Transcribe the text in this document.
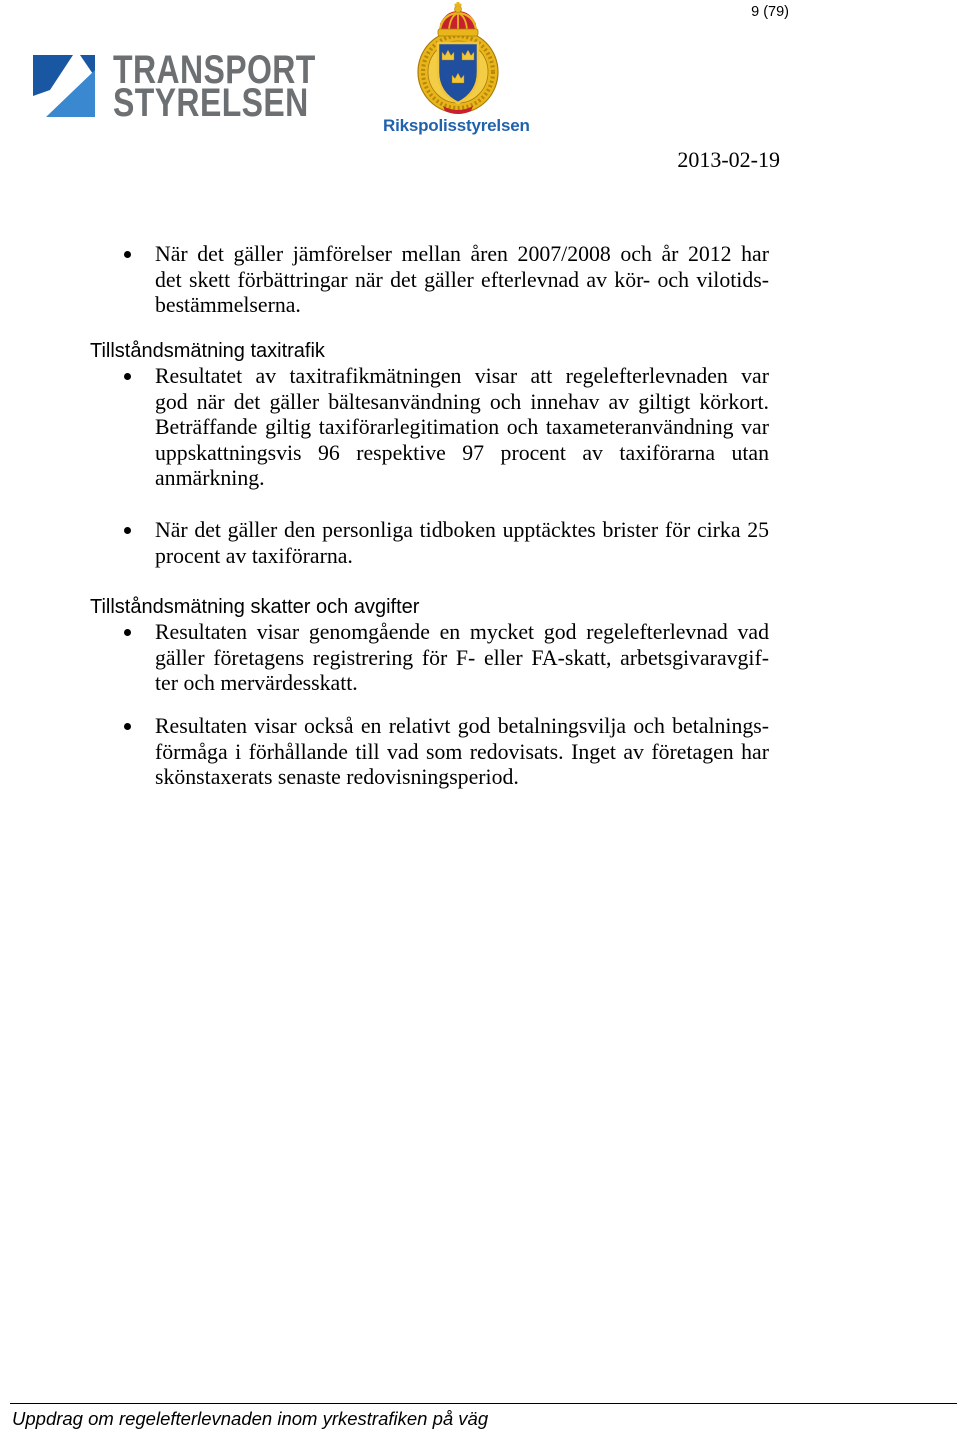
9 (79)
TRANSPORT
STYRELSEN
Rikspolisstyrelsen
2013-02-19
När det gäller jämförelser mellan åren 2007/2008 och år 2012 har
det skett förbättringar när det gäller efterlevnad av kör- och vilotids-
bestämmelserna.
Tillståndsmätning taxitrafik
Resultatet av taxitrafikmätningen visar att regelefterlevnaden var
god när det gäller bältesanvändning och innehav av giltigt körkort.
Beträffande giltig taxiförarlegitimation och taxameteranvändning var
uppskattningsvis 96 respektive 97 procent av taxiförarna utan
anmärkning.
När det gäller den personliga tidboken upptäcktes brister för cirka 25
procent av taxiförarna.
Tillståndsmätning skatter och avgifter
Resultaten visar genomgående en mycket god regelefterlevnad vad
gäller företagens registrering för F- eller FA-skatt, arbetsgivaravgif-
ter och mervärdesskatt.
Resultaten visar också en relativt god betalningsvilja och betalnings-
förmåga i förhållande till vad som redovisats. Inget av företagen har
skönstaxerats senaste redovisningsperiod.
Uppdrag om regelefterlevnaden inom yrkestrafiken på väg
